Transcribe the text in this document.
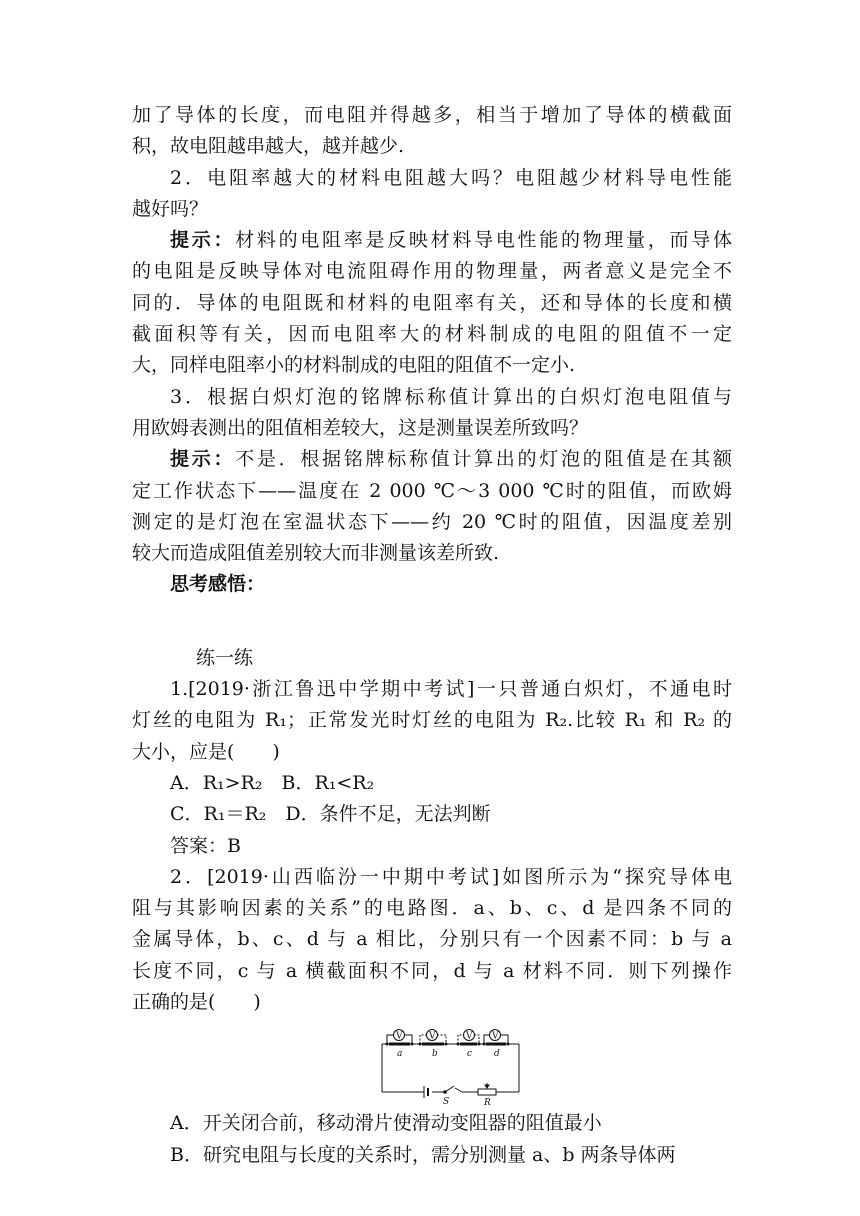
加了导体的长度，而电阻并得越多，相当于增加了导体的横截面
积，故电阻越串越大，越并越少.
2．电阻率越大的材料电阻越大吗？电阻越少材料导电性能
越好吗？
提示：材料的电阻率是反映材料导电性能的物理量，而导体
的电阻是反映导体对电流阻碍作用的物理量，两者意义是完全不
同的．导体的电阻既和材料的电阻率有关，还和导体的长度和横
截面积等有关，因而电阻率大的材料制成的电阻的阻值不一定
大，同样电阻率小的材料制成的电阻的阻值不一定小.
3．根据白炽灯泡的铭牌标称值计算出的白炽灯泡电阻值与
用欧姆表测出的阻值相差较大，这是测量误差所致吗？
提示：不是．根据铭牌标称值计算出的灯泡的阻值是在其额
定工作状态下——温度在 2 000 ℃～3 000 ℃时的阻值，而欧姆
测定的是灯泡在室温状态下——约 20 ℃时的阻值，因温度差别
较大而造成阻值差别较大而非测量该差所致.
思考感悟：
练一练
1.[2019·浙江鲁迅中学期中考试]一只普通白炽灯，不通电时
灯丝的电阻为 R₁；正常发光时灯丝的电阻为 R₂.比较 R₁ 和 R₂ 的
大小，应是(　　)
A．R₁>R₂　B．R₁<R₂
C．R₁＝R₂　D．条件不足，无法判断
答案：B
2．[2019·山西临汾一中期中考试]如图所示为“探究导体电
阻与其影响因素的关系”的电路图．a、b、c、d 是四条不同的
金属导体，b、c、d 与 a 相比，分别只有一个因素不同：b 与 a
长度不同，c 与 a 横截面积不同，d 与 a 材料不同．则下列操作
正确的是(　　)
V	V	V V
a	b	c d
S	R
A．开关闭合前，移动滑片使滑动变阻器的阻值最小
B．研究电阻与长度的关系时，需分别测量 a、b 两条导体两
